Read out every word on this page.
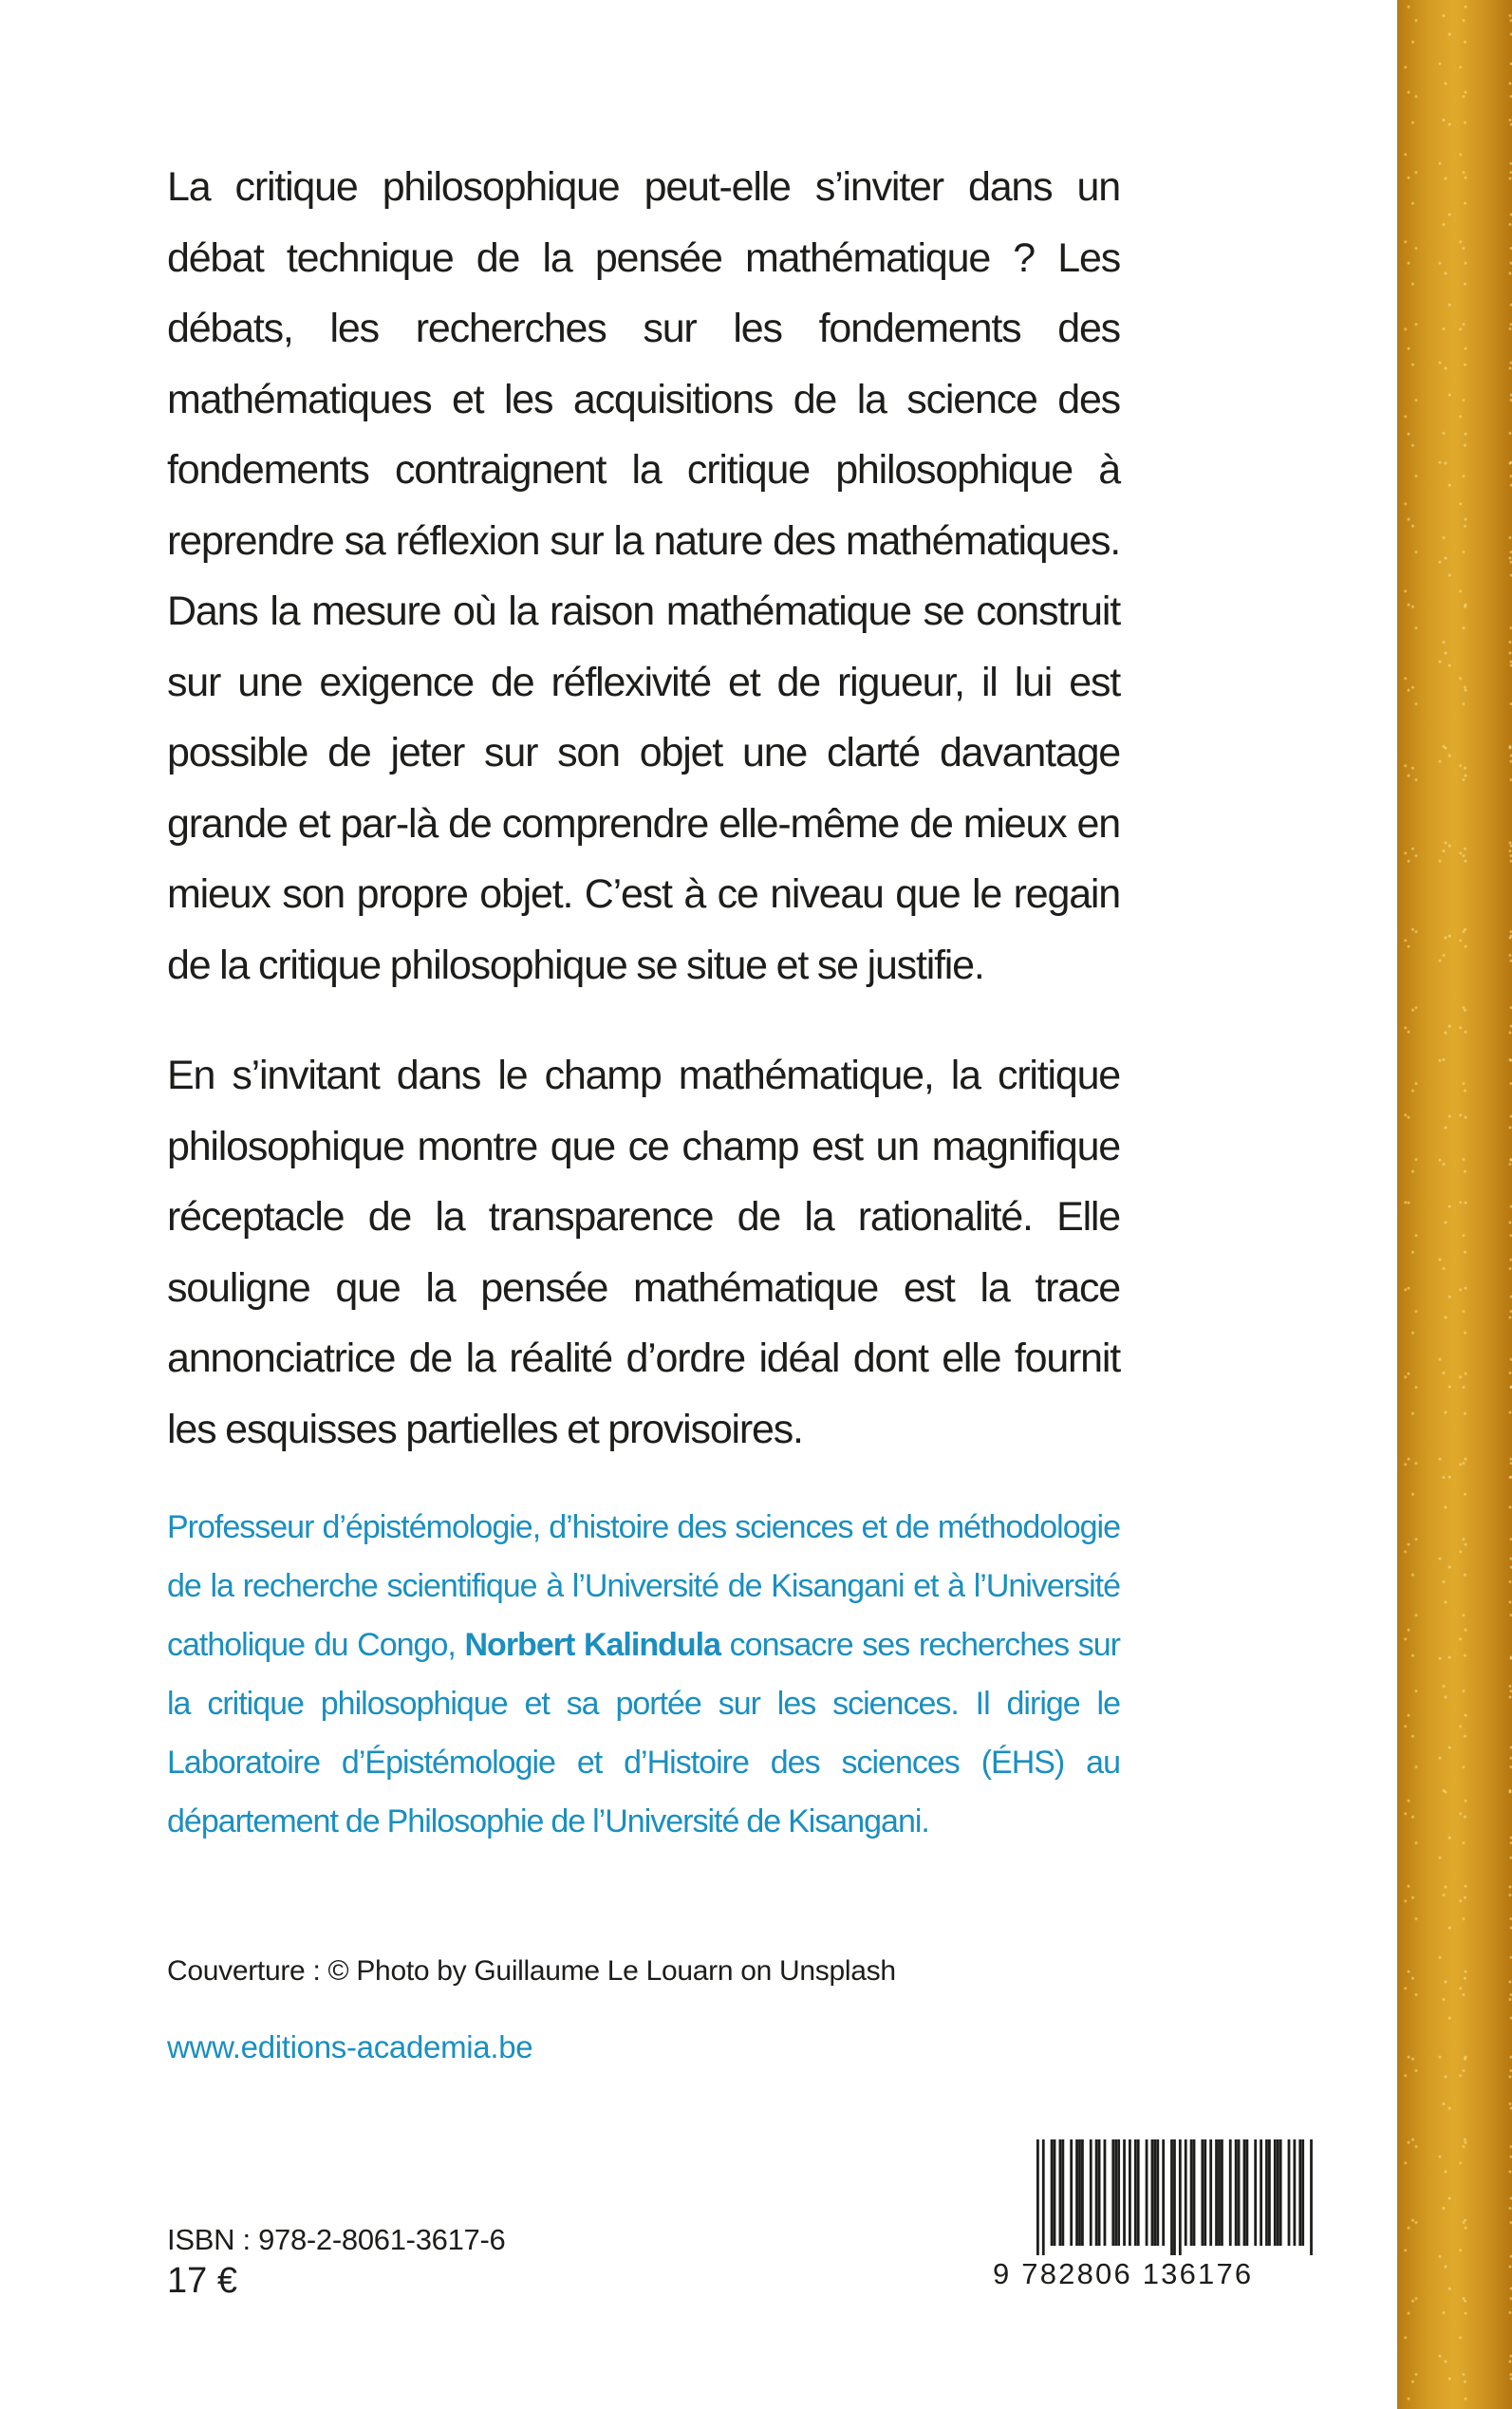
La critique philosophique peut-elle s’inviter dans un débat technique de la pensée mathématique ? Les débats, les recherches sur les fondements des mathématiques et les acquisitions de la science des fondements contraignent la critique philosophique à reprendre sa réflexion sur la nature des mathématiques. Dans la mesure où la raison mathématique se construit sur une exigence de réflexivité et de rigueur, il lui est possible de jeter sur son objet une clarté davantage grande et par-là de comprendre elle-même de mieux en mieux son propre objet. C’est à ce niveau que le regain de la critique philosophique se situe et se justifie.

En s’invitant dans le champ mathématique, la critique philosophique montre que ce champ est un magnifique réceptacle de la transparence de la rationalité. Elle souligne que la pensée mathématique est la trace annonciatrice de la réalité d’ordre idéal dont elle fournit les esquisses partielles et provisoires.

Professeur d’épistémologie, d’histoire des sciences et de méthodologie de la recherche scientifique à l’Université de Kisangani et à l’Université catholique du Congo, Norbert Kalindula consacre ses recherches sur la critique philosophique et sa portée sur les sciences. Il dirige le Laboratoire d’Épistémologie et d’Histoire des sciences (ÉHS) au département de Philosophie de l’Université de Kisangani.

Couverture : © Photo by Guillaume Le Louarn on Unsplash

www.editions-academia.be

ISBN : 978-2-8061-3617-6

17 €	9 782806 136176
